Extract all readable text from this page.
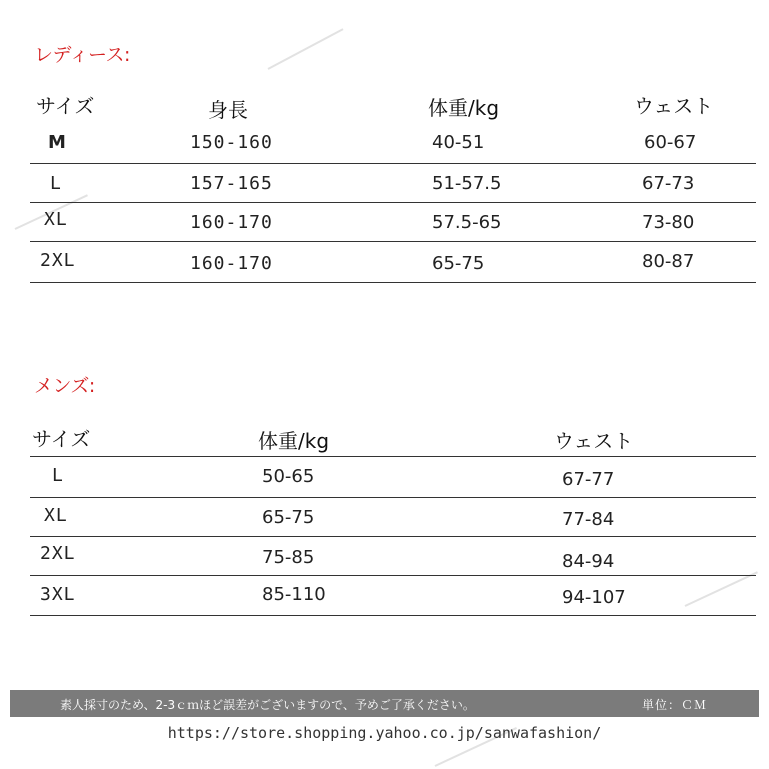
レディース:
サイズ	身長	体重/kg	ウェスト
M	150-160	40-51	60-67
L	157-165	51-57.5	67-73
XL	160-170	57.5-65	73-80
2XL	160-170	65-75	80-87
メンズ:
サイズ	体重/kg	ウェスト
L	50-65	67-77
XL	65-75	77-84
2XL	75-85	84-94
3XL	85-110	94-107
素人採寸のため、2-3ｃｍほど誤差がございますので、予めご了承ください。	単位：ＣＭ
https://store.shopping.yahoo.co.jp/sanwafashion/
